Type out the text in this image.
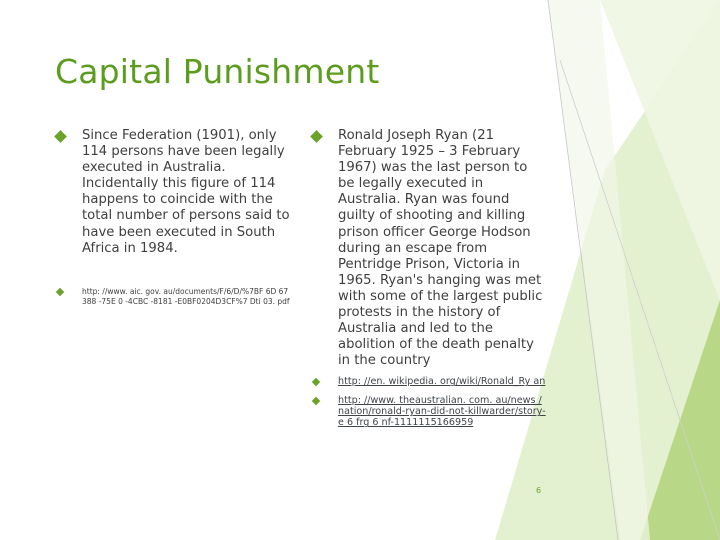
Capital Punishment
Since Federation (1901), only 114 persons have been legally executed in Australia. Incidentally this figure of 114 happens to coincide with the total number of persons said to have been executed in South Africa in 1984.
http: //www. aic. gov. au/documents/F/6/D/%7BF 6D 67388 -75E 0 -4CBC -8181 -E0BF0204D3CF%7 Dti 03. pdf
Ronald Joseph Ryan (21 February 1925 – 3 February 1967) was the last person to be legally executed in Australia. Ryan was found guilty of shooting and killing prison officer George Hodson during an escape from Pentridge Prison, Victoria in 1965. Ryan's hanging was met with some of the largest public protests in the history of Australia and led to the abolition of the death penalty in the country
http: //en. wikipedia. org/wiki/Ronald_Ry an
http: //www. theaustralian. com. au/news /nation/ronald-ryan-did-not-killwarder/story-e 6 frg 6 nf-1111115166959
6
